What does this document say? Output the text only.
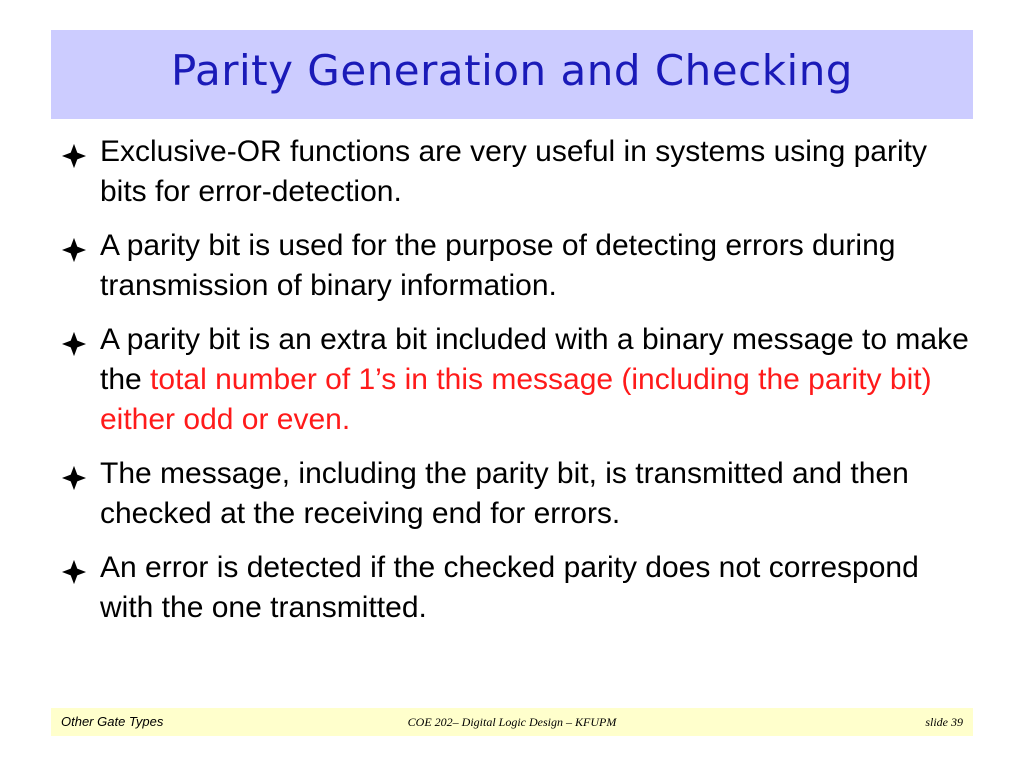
Parity Generation and Checking
Exclusive-OR functions are very useful in systems using parity bits for error-detection.
A parity bit is used for the purpose of detecting errors during transmission of binary information.
A parity bit is an extra bit included with a binary message to make the total number of 1’s in this message (including the parity bit) either odd or even.
The message, including the parity bit, is transmitted and then checked at the receiving end for errors.
An error is detected if the checked parity does not correspond with the one transmitted.
Other Gate Types	COE 202– Digital Logic Design – KFUPM	slide 39
